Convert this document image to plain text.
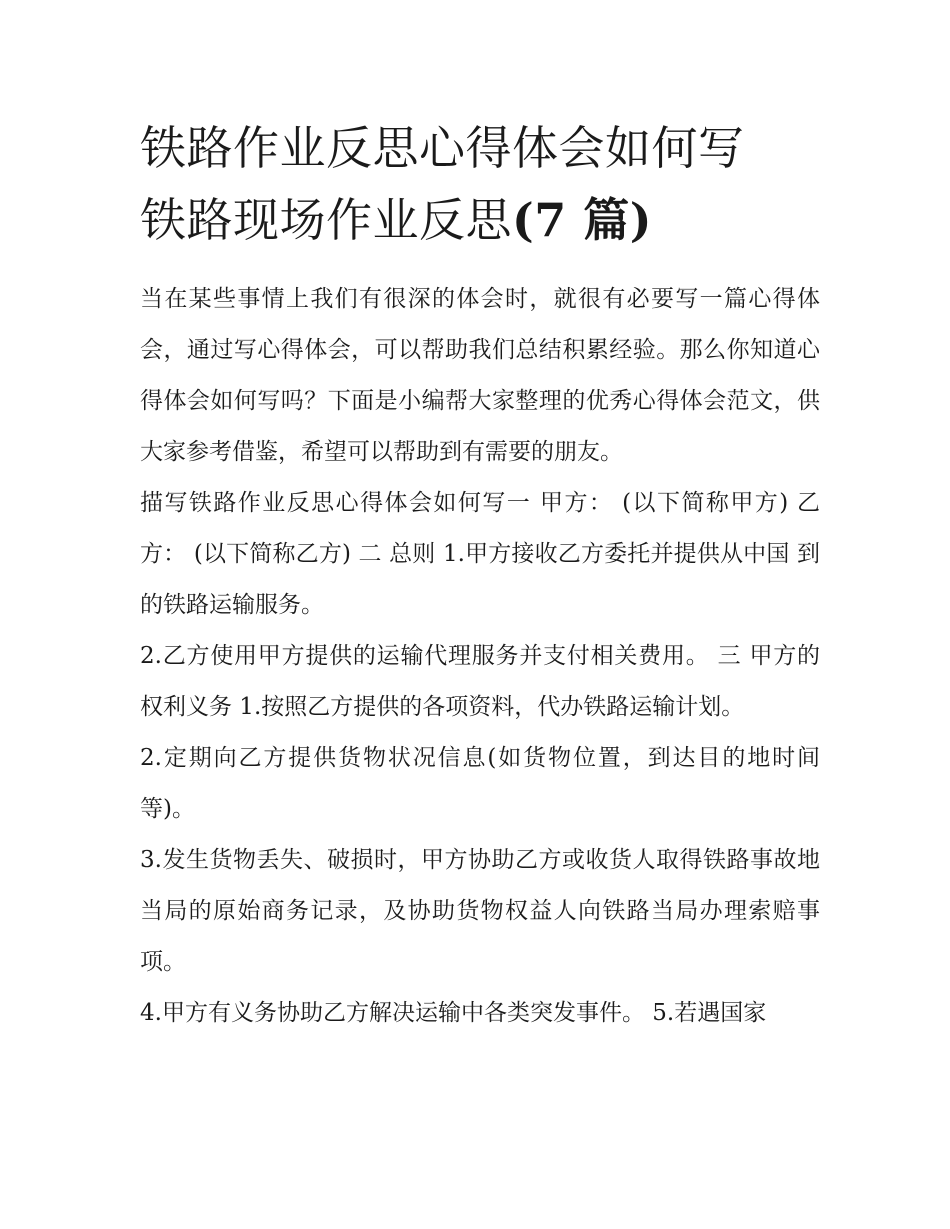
铁路作业反思心得体会如何写
铁路现场作业反思(7 篇)

当在某些事情上我们有很深的体会时，就很有必要写一篇心得体会，通过写心得体会，可以帮助我们总结积累经验。那么你知道心得体会如何写吗？下面是小编帮大家整理的优秀心得体会范文，供大家参考借鉴，希望可以帮助到有需要的朋友。

描写铁路作业反思心得体会如何写一 甲方： (以下简称甲方) 乙方： (以下简称乙方) 二 总则 1.甲方接收乙方委托并提供从中国 到 的铁路运输服务。

2.乙方使用甲方提供的运输代理服务并支付相关费用。 三 甲方的权利义务 1.按照乙方提供的各项资料，代办铁路运输计划。

2.定期向乙方提供货物状况信息(如货物位置，到达目的地时间等)。

3.发生货物丢失、破损时，甲方协助乙方或收货人取得铁路事故地当局的原始商务记录，及协助货物权益人向铁路当局办理索赔事项。

4.甲方有义务协助乙方解决运输中各类突发事件。 5.若遇国家
